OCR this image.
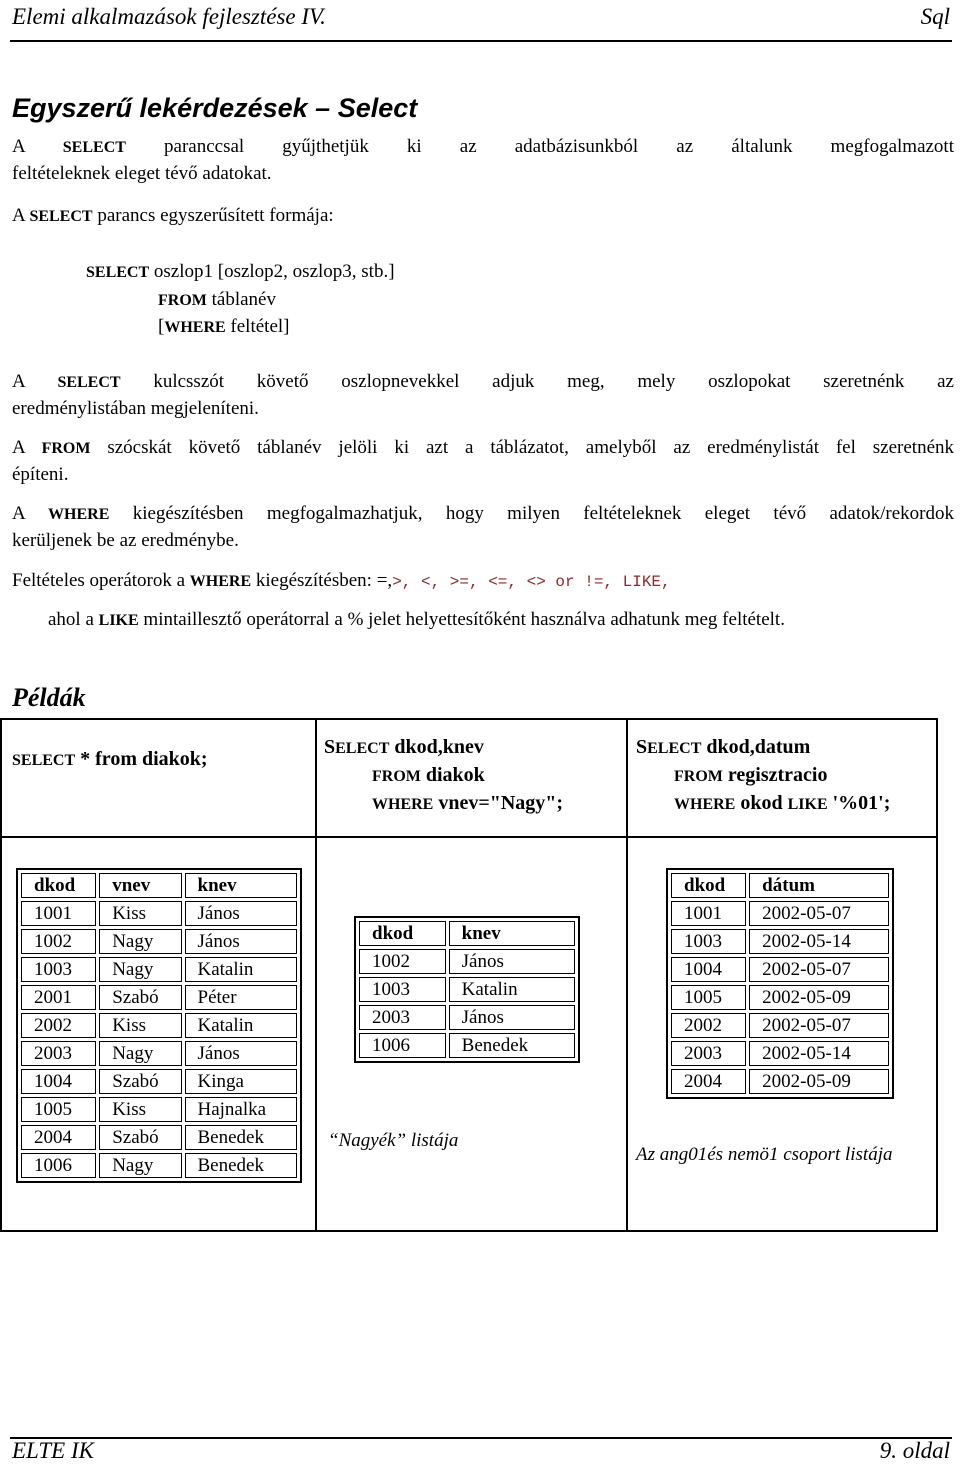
Elemi alkalmazások fejlesztése IV.	Sql
Egyszerű lekérdezések – Select
A SELECT paranccsal gyűjthetjük ki az adatbázisunkból az általunk megfogalmazott
feltételeknek eleget tévő adatokat.
A SELECT parancs egyszerűsített formája:
SELECT oszlop1 [oszlop2, oszlop3, stb.]
FROM táblanév
[WHERE feltétel]
A SELECT kulcsszót követő oszlopnevekkel adjuk meg, mely oszlopokat szeretnénk az
eredménylistában megjeleníteni.
A FROM szócskát követő táblanév jelöli ki azt a táblázatot, amelyből az eredménylistát fel szeretnénk
építeni.
A WHERE kiegészítésben megfogalmazhatjuk, hogy milyen feltételeknek eleget tévő adatok/rekordok
kerüljenek be az eredménybe.
Feltételes operátorok a WHERE kiegészítésben: =,>, <, >=, <=, <> or !=, LIKE,
ahol a LIKE mintaillesztő operátorral a % jelet helyettesítőként használva adhatunk meg feltételt.
Példák
SELECT * from diakok;
SELECT dkod,knev
FROM diakok
WHERE vnev="Nagy";
SELECT dkod,datum
FROM regisztracio
WHERE okod LIKE '%01';
dkod	vnev	knev
1001	Kiss	János
1002	Nagy	János
1003	Nagy	Katalin
2001	Szabó	Péter
2002	Kiss	Katalin
2003	Nagy	János
1004	Szabó	Kinga
1005	Kiss	Hajnalka
2004	Szabó	Benedek
1006	Nagy	Benedek
dkod	knev
1002	János
1003	Katalin
2003	János
1006	Benedek
“Nagyék” listája
dkod	dátum
1001	2002-05-07
1003	2002-05-14
1004	2002-05-07
1005	2002-05-09
2002	2002-05-07
2003	2002-05-14
2004	2002-05-09
Az ang01és nemö1 csoport listája
ELTE IK	9. oldal
